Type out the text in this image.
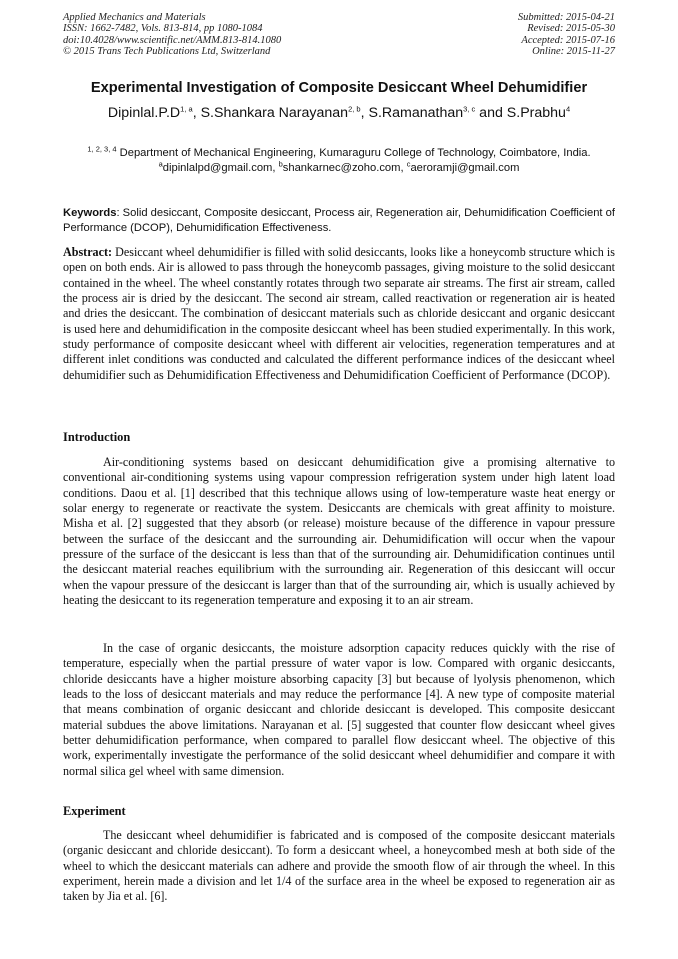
Applied Mechanics and Materials
ISSN: 1662-7482, Vols. 813-814, pp 1080-1084
doi:10.4028/www.scientific.net/AMM.813-814.1080
© 2015 Trans Tech Publications Ltd, Switzerland
Submitted: 2015-04-21
Revised: 2015-05-30
Accepted: 2015-07-16
Online: 2015-11-27
Experimental Investigation of Composite Desiccant Wheel Dehumidifier
$Dipinlal.P.D^{1, a}$, S.Shankara Narayanan$^{2, b}$, S.Ramanathan$^{3, c}$ and S.Prabhu$^4$
$^{1, 2, 3, 4}$ Department of Mechanical Engineering, Kumaraguru College of Technology, Coimbatore, India.
$^a$dipinlalpd@gmail.com, $^b$shankarnec@zoho.com, $^c$aeroramji@gmail.com
Keywords: Solid desiccant, Composite desiccant, Process air, Regeneration air, Dehumidification Coefficient of Performance (DCOP), Dehumidification Effectiveness.
Abstract: Desiccant wheel dehumidifier is filled with solid desiccants, looks like a honeycomb structure which is open on both ends. Air is allowed to pass through the honeycomb passages, giving moisture to the solid desiccant contained in the wheel. The wheel constantly rotates through two separate air streams. The first air stream, called the process air is dried by the desiccant. The second air stream, called reactivation or regeneration air is heated and dries the desiccant. The combination of desiccant materials such as chloride desiccant and organic desiccant is used here and dehumidification in the composite desiccant wheel has been studied experimentally. In this work, study performance of composite desiccant wheel with different air velocities, regeneration temperatures and at different inlet conditions was conducted and calculated the different performance indices of the desiccant wheel dehumidifier such as Dehumidification Effectiveness and Dehumidification Coefficient of Performance (DCOP).
Introduction
Air-conditioning systems based on desiccant dehumidification give a promising alternative to conventional air-conditioning systems using vapour compression refrigeration system under high latent load conditions. Daou et al. [1] described that this technique allows using of low-temperature waste heat energy or solar energy to regenerate or reactivate the system. Desiccants are chemicals with great affinity to moisture. Misha et al. [2] suggested that they absorb (or release) moisture because of the difference in vapour pressure between the surface of the desiccant and the surrounding air. Dehumidification will occur when the vapour pressure of the surface of the desiccant is less than that of the surrounding air. Dehumidification continues until the desiccant material reaches equilibrium with the surrounding air. Regeneration of this desiccant will occur when the vapour pressure of the desiccant is larger than that of the surrounding air, which is usually achieved by heating the desiccant to its regeneration temperature and exposing it to an air stream.
In the case of organic desiccants, the moisture adsorption capacity reduces quickly with the rise of temperature, especially when the partial pressure of water vapor is low. Compared with organic desiccants, chloride desiccants have a higher moisture absorbing capacity [3] but because of lyolysis phenomenon, which leads to the loss of desiccant materials and may reduce the performance [4]. A new type of composite material that means combination of organic desiccant and chloride desiccant is developed. This composite desiccant material subdues the above limitations. Narayanan et al. [5] suggested that counter flow desiccant wheel gives better dehumidification performance, when compared to parallel flow desiccant wheel. The objective of this work, experimentally investigate the performance of the solid desiccant wheel dehumidifier and compare it with normal silica gel wheel with same dimension.
Experiment
The desiccant wheel dehumidifier is fabricated and is composed of the composite desiccant materials (organic desiccant and chloride desiccant). To form a desiccant wheel, a honeycombed mesh at both side of the wheel to which the desiccant materials can adhere and provide the smooth flow of air through the wheel. In this experiment, herein made a division and let 1/4 of the surface area in the wheel be exposed to regeneration air as taken by Jia et al. [6].
